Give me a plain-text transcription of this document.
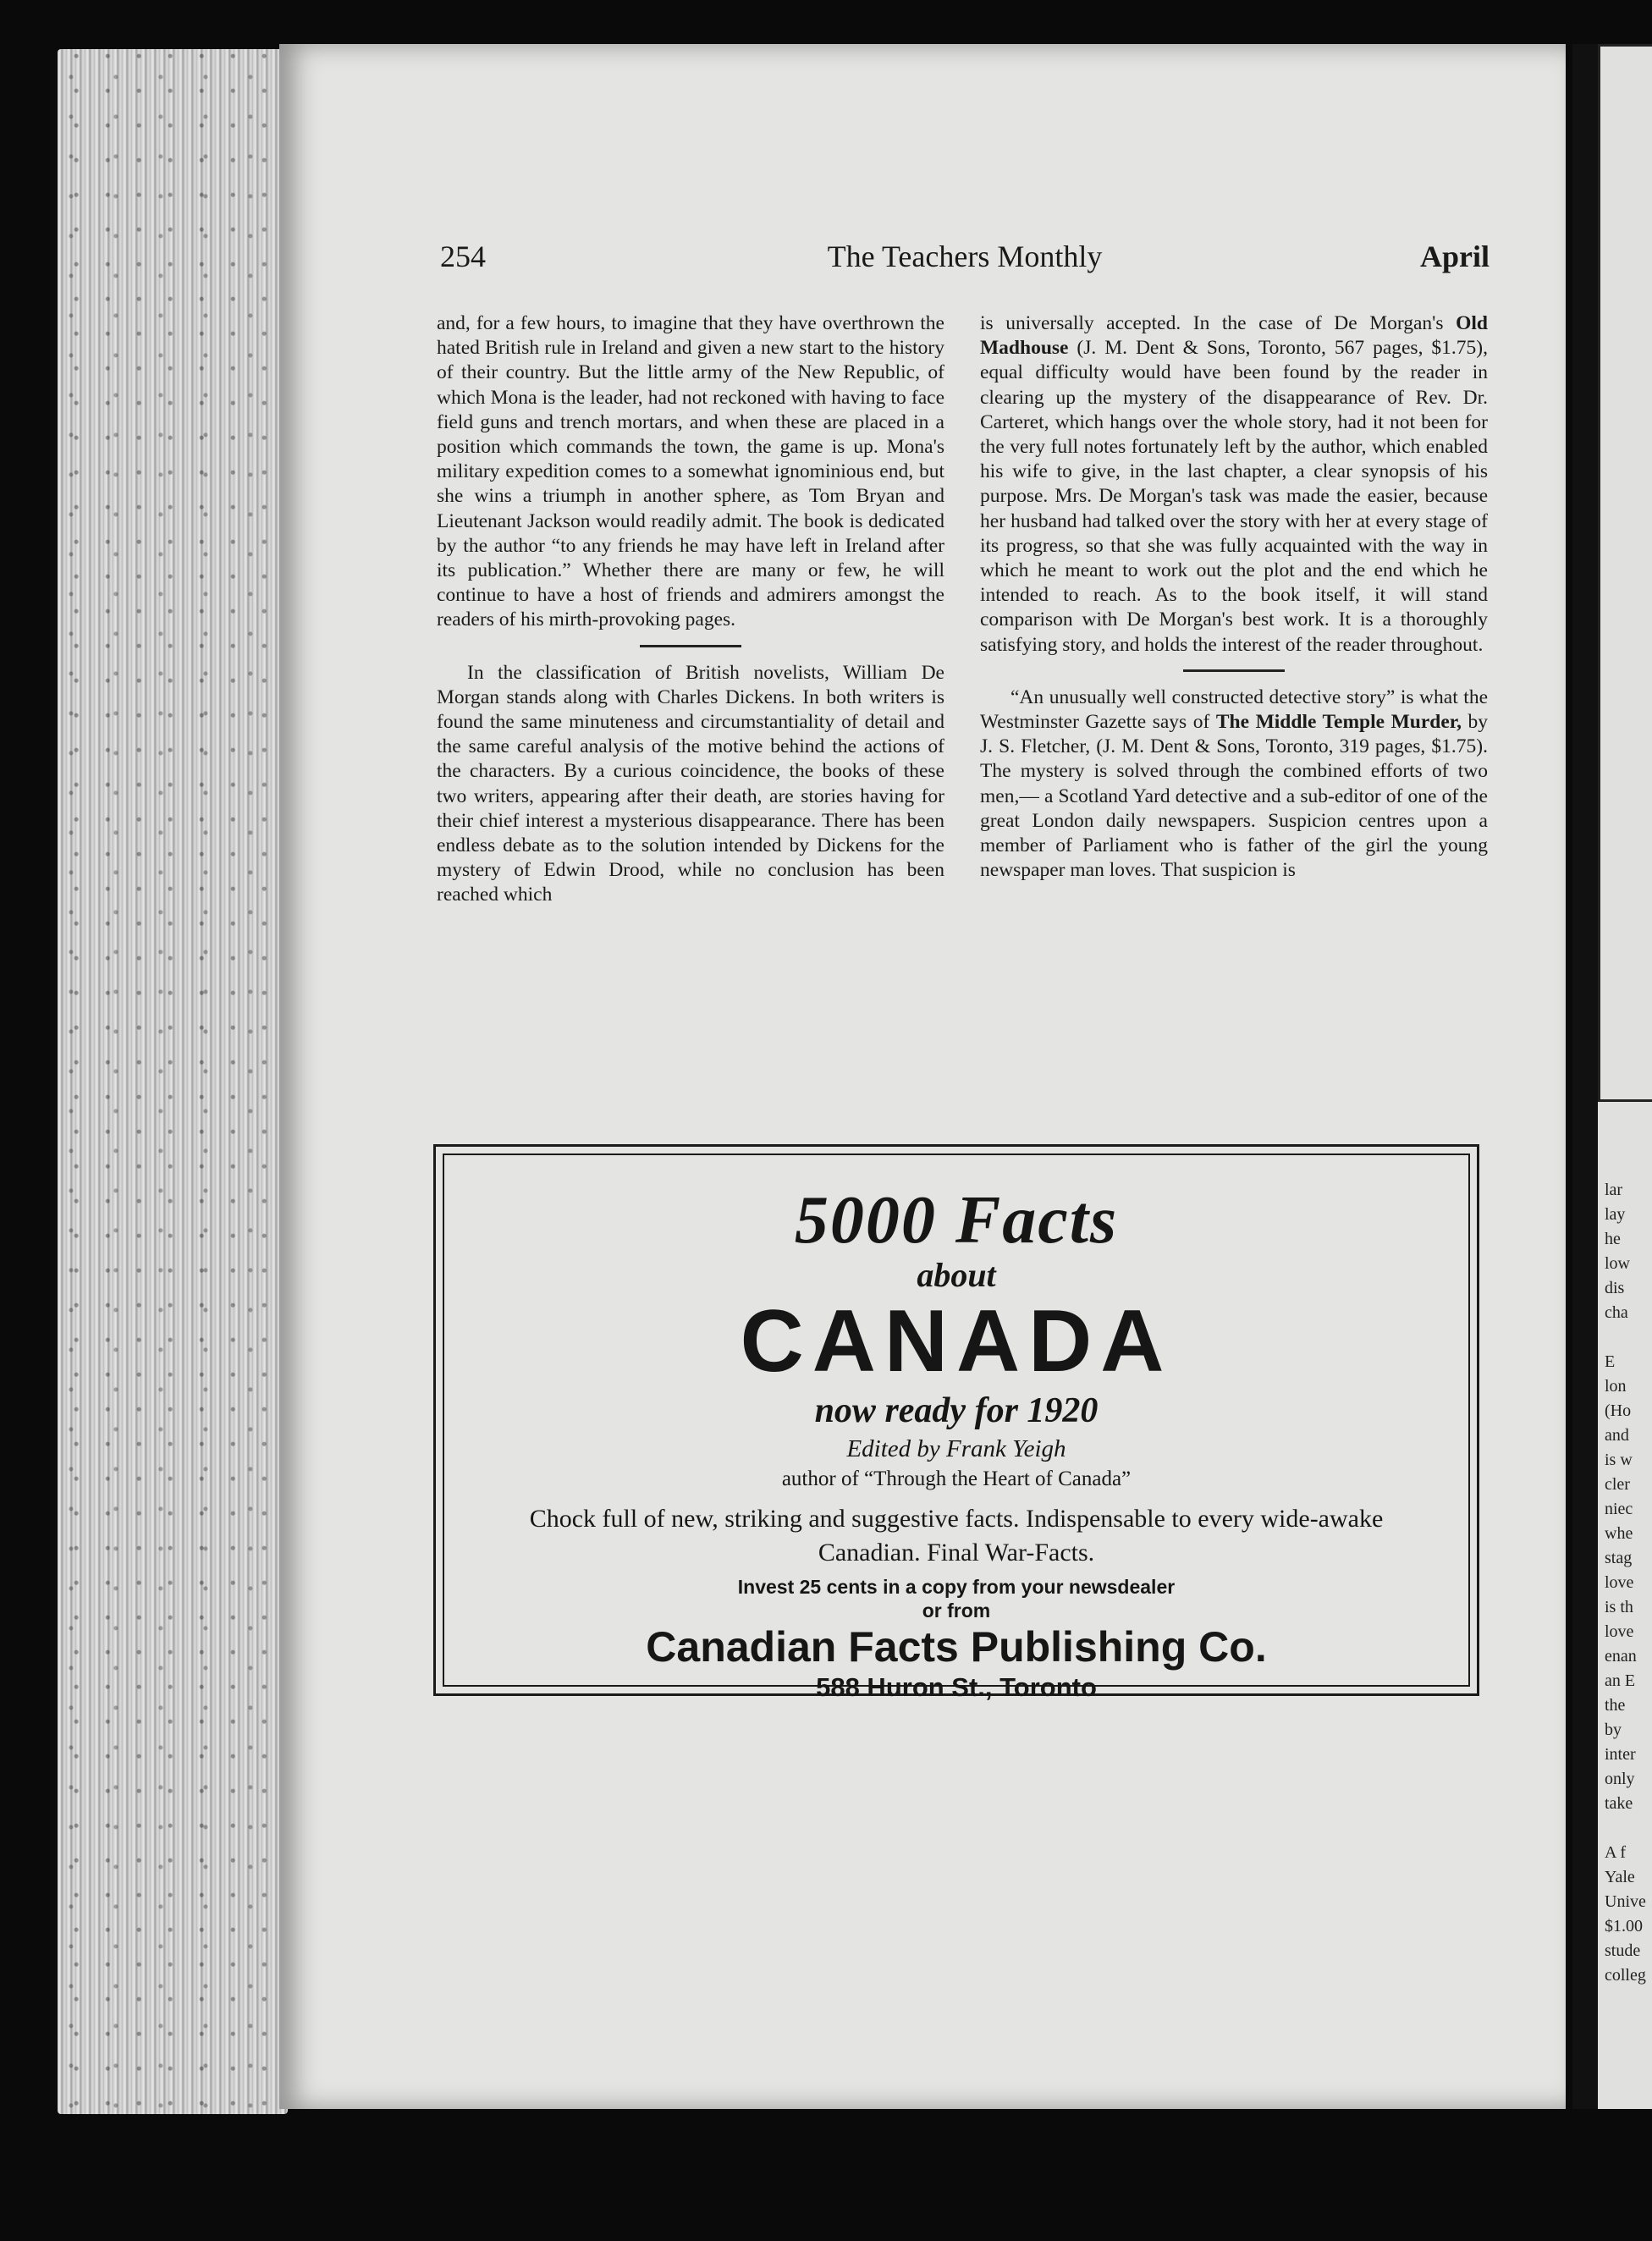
lar
lay
he
low
dis
cha

E
lon
(Ho
and
is w
cler
niec
whe
stag
love
is th
love
enan
an E
the
by
inter
only
take

A f
Yale
Unive
$1.00
stude
colleg
254	The Teachers Monthly	April

and, for a few hours, to imagine that they have overthrown the hated British rule in Ireland and given a new start to the history of their country. But the little army of the New Republic, of which Mona is the leader, had not reckoned with having to face field guns and trench mortars, and when these are placed in a position which commands the town, the game is up. Mona's military expedition comes to a somewhat ignominious end, but she wins a triumph in another sphere, as Tom Bryan and Lieutenant Jackson would readily admit. The book is dedicated by the author “to any friends he may have left in Ireland after its publication.” Whether there are many or few, he will continue to have a host of friends and admirers amongst the readers of his mirth-provoking pages.

In the classification of British novelists, William De Morgan stands along with Charles Dickens. In both writers is found the same minuteness and circumstantiality of detail and the same careful analysis of the motive behind the actions of the characters. By a curious coincidence, the books of these two writers, appearing after their death, are stories having for their chief interest a mysterious disappearance. There has been endless debate as to the solution intended by Dickens for the mystery of Edwin Drood, while no conclusion has been reached which

is universally accepted. In the case of De Morgan's Old Madhouse (J. M. Dent & Sons, Toronto, 567 pages, $1.75), equal difficulty would have been found by the reader in clearing up the mystery of the disappearance of Rev. Dr. Carteret, which hangs over the whole story, had it not been for the very full notes fortunately left by the author, which enabled his wife to give, in the last chapter, a clear synopsis of his purpose. Mrs. De Morgan's task was made the easier, because her husband had talked over the story with her at every stage of its progress, so that she was fully acquainted with the way in which he meant to work out the plot and the end which he intended to reach. As to the book itself, it will stand comparison with De Morgan's best work. It is a thoroughly satisfying story, and holds the interest of the reader throughout.

“An unusually well constructed detective story” is what the Westminster Gazette says of The Middle Temple Murder, by J. S. Fletcher, (J. M. Dent & Sons, Toronto, 319 pages, $1.75). The mystery is solved through the combined efforts of two men,— a Scotland Yard detective and a sub-editor of one of the great London daily newspapers. Suspicion centres upon a member of Parliament who is father of the girl the young newspaper man loves. That suspicion is

5000 Facts
about
CANADA
now ready for 1920
Edited by Frank Yeigh
author of “Through the Heart of Canada”
Chock full of new, striking and suggestive facts. Indispensable to every wide-awake Canadian. Final War-Facts.
Invest 25 cents in a copy from your newsdealer
or from
Canadian Facts Publishing Co.
588 Huron St., Toronto
